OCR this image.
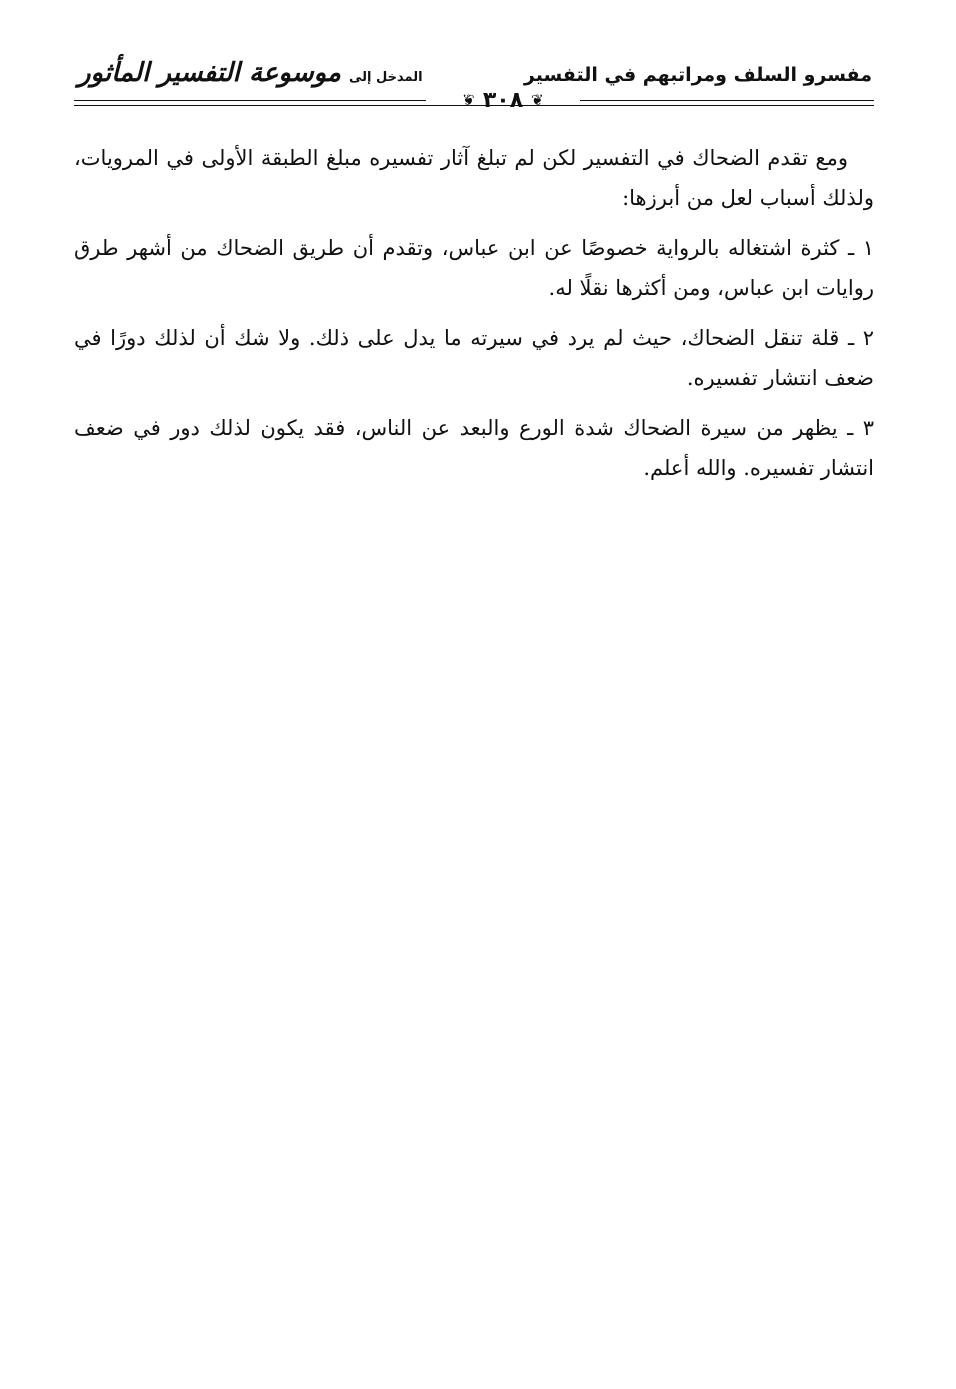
مفسرو السلف ومراتبهم في التفسير
المدخل إلى
موسوعة التفسير المأثور
❦
٣٠٨
❦

ومع تقدم الضحاك في التفسير لكن لم تبلغ آثار تفسيره مبلغ الطبقة الأولى في المرويات، ولذلك أسباب لعل من أبرزها:

١ ـ كثرة اشتغاله بالرواية خصوصًا عن ابن عباس، وتقدم أن طريق الضحاك من أشهر طرق روايات ابن عباس، ومن أكثرها نقلًا له.

٢ ـ قلة تنقل الضحاك، حيث لم يرد في سيرته ما يدل على ذلك. ولا شك أن لذلك دورًا في ضعف انتشار تفسيره.

٣ ـ يظهر من سيرة الضحاك شدة الورع والبعد عن الناس، فقد يكون لذلك دور في ضعف انتشار تفسيره. والله أعلم.
